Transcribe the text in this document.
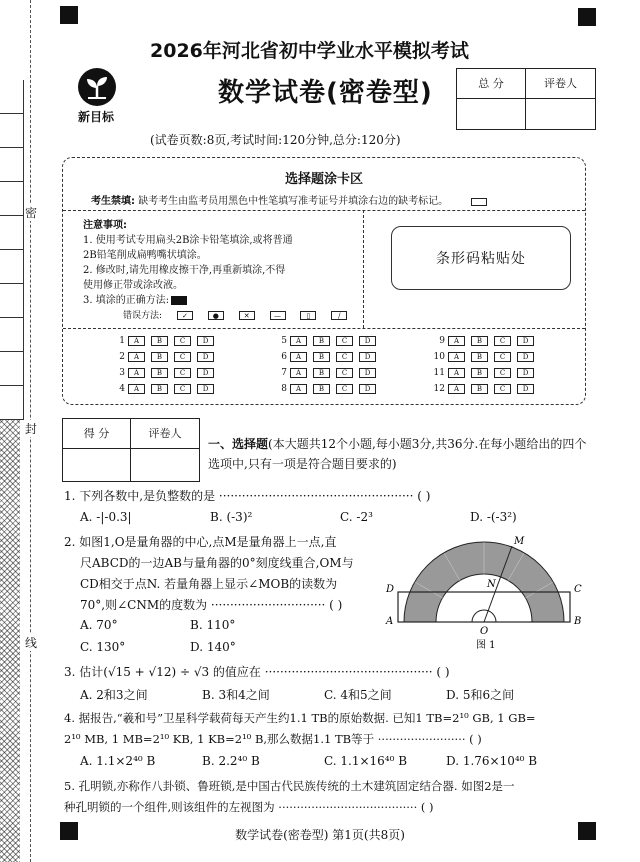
密
封
线
新目标
2026年河北省初中学业水平模拟考试
数学试卷(密卷型)
(试卷页数:8页,考试时间:120分钟,总分:120分)
总 分	评卷人
选择题涂卡区
考生禁填: 缺考考生由监考员用黑色中性笔填写准考证号并填涂右边的缺考标记。
注意事项:
1. 使用考试专用扁头2B涂卡铅笔填涂,或将普通
2B铅笔削成扁鸭嘴状填涂。
2. 修改时,请先用橡皮擦干净,再重新填涂,不得
使用修正带或涂改液。
3. 填涂的正确方法:
错误方法:	✓	●	✕	—	▯	/
条形码粘贴处
1	A	B	C	D
2	A	B	C	D
3	A	B	C	D
4	A	B	C	D
5	A	B	C	D
6	A	B	C	D
7	A	B	C	D
8	A	B	C	D
9	A	B	C	D
10	A	B	C	D
11	A	B	C	D
12	A	B	C	D
得 分	评卷人
一、选择题(本大题共12个小题,每小题3分,共36分.在每小题给出的四个选项中,只有一项是符合题目要求的)
1. 下列各数中,是负整数的是 ··················································· ( )
A. -|-0.3|	B. (-3)²	C. -2³	D. -(-3²)
2. 如图1,O是量角器的中心,点M是量角器上一点,直
尺ABCD的一边AB与量角器的0°刻度线重合,OM与
CD相交于点N. 若量角器上显示∠MOB的读数为
70°,则∠CNM的度数为 ······························ ( )
A. 70°	B. 110°
C. 130°	D. 140°
M
N
D	C
A
O
B
图 1
3. 估计(√15 + √12) ÷ √3 的值应在 ············································ ( )
A. 2和3之间	B. 3和4之间	C. 4和5之间	D. 5和6之间
4. 据报告,“羲和号”卫星科学载荷每天产生约1.1 TB的原始数据. 已知1 TB=2¹⁰ GB, 1 GB=
2¹⁰ MB, 1 MB=2¹⁰ KB, 1 KB=2¹⁰ B,那么数据1.1 TB等于 ························ ( )
A. 1.1×2⁴⁰ B	B. 2.2⁴⁰ B	C. 1.1×16⁴⁰ B	D. 1.76×10⁴⁰ B
5. 孔明锁,亦称作八卦锁、鲁班锁,是中国古代民族传统的土木建筑固定结合器. 如图2是一
种孔明锁的一个组件,则该组件的左视图为 ······································ ( )
数学试卷(密卷型) 第1页(共8页)
